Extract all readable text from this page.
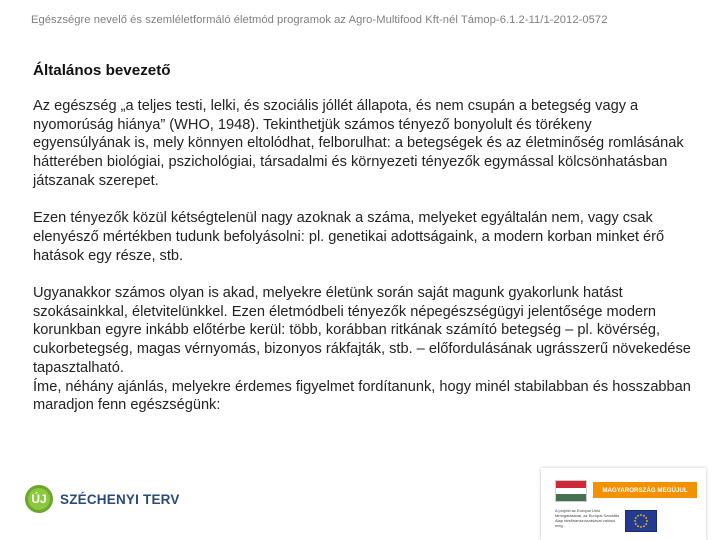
Egészségre nevelő és szemléletformáló életmód programok az Agro-Multifood Kft-nél Támop-6.1.2-11/1-2012-0572
Általános bevezető

Az egészség „a teljes testi, lelki, és szociális jóllét állapota, és nem csupán a betegség vagy a nyomorúság hiánya” (WHO, 1948). Tekinthetjük számos tényező bonyolult és törékeny egyensúlyának is, mely könnyen eltolódhat, felborulhat: a betegségek és az életminőség romlásának hátterében biológiai, pszichológiai, társadalmi és környezeti tényezők egymással kölcsönhatásban játszanak szerepet.

Ezen tényezők közül kétségtelenül nagy azoknak a száma, melyeket egyáltalán nem, vagy csak elenyésző mértékben tudunk befolyásolni: pl. genetikai adottságaink, a modern korban minket érő hatások egy része, stb.

Ugyanakkor számos olyan is akad, melyekre életünk során saját magunk gyakorlunk hatást szokásainkkal, életvitelünkkel. Ezen életmódbeli tényezők népegészségügyi jelentősége modern korunkban egyre inkább előtérbe kerül: több, korábban ritkának számító betegség – pl. kövérség, cukorbetegség, magas vérnyomás, bizonyos rákfajták, stb. – előfordulásának ugrásszerű növekedése tapasztalható.

Íme, néhány ajánlás, melyekre érdemes figyelmet fordítanunk, hogy minél stabilabban és hosszabban maradjon fenn egészségünk:

ÚJ SZÉCHENYI TERV
MAGYARORSZÁG MEGÚJUL
A projekt az Európai Unió támogatásával, az Európai Szociális Alap társfinanszírozásával valósul meg.
